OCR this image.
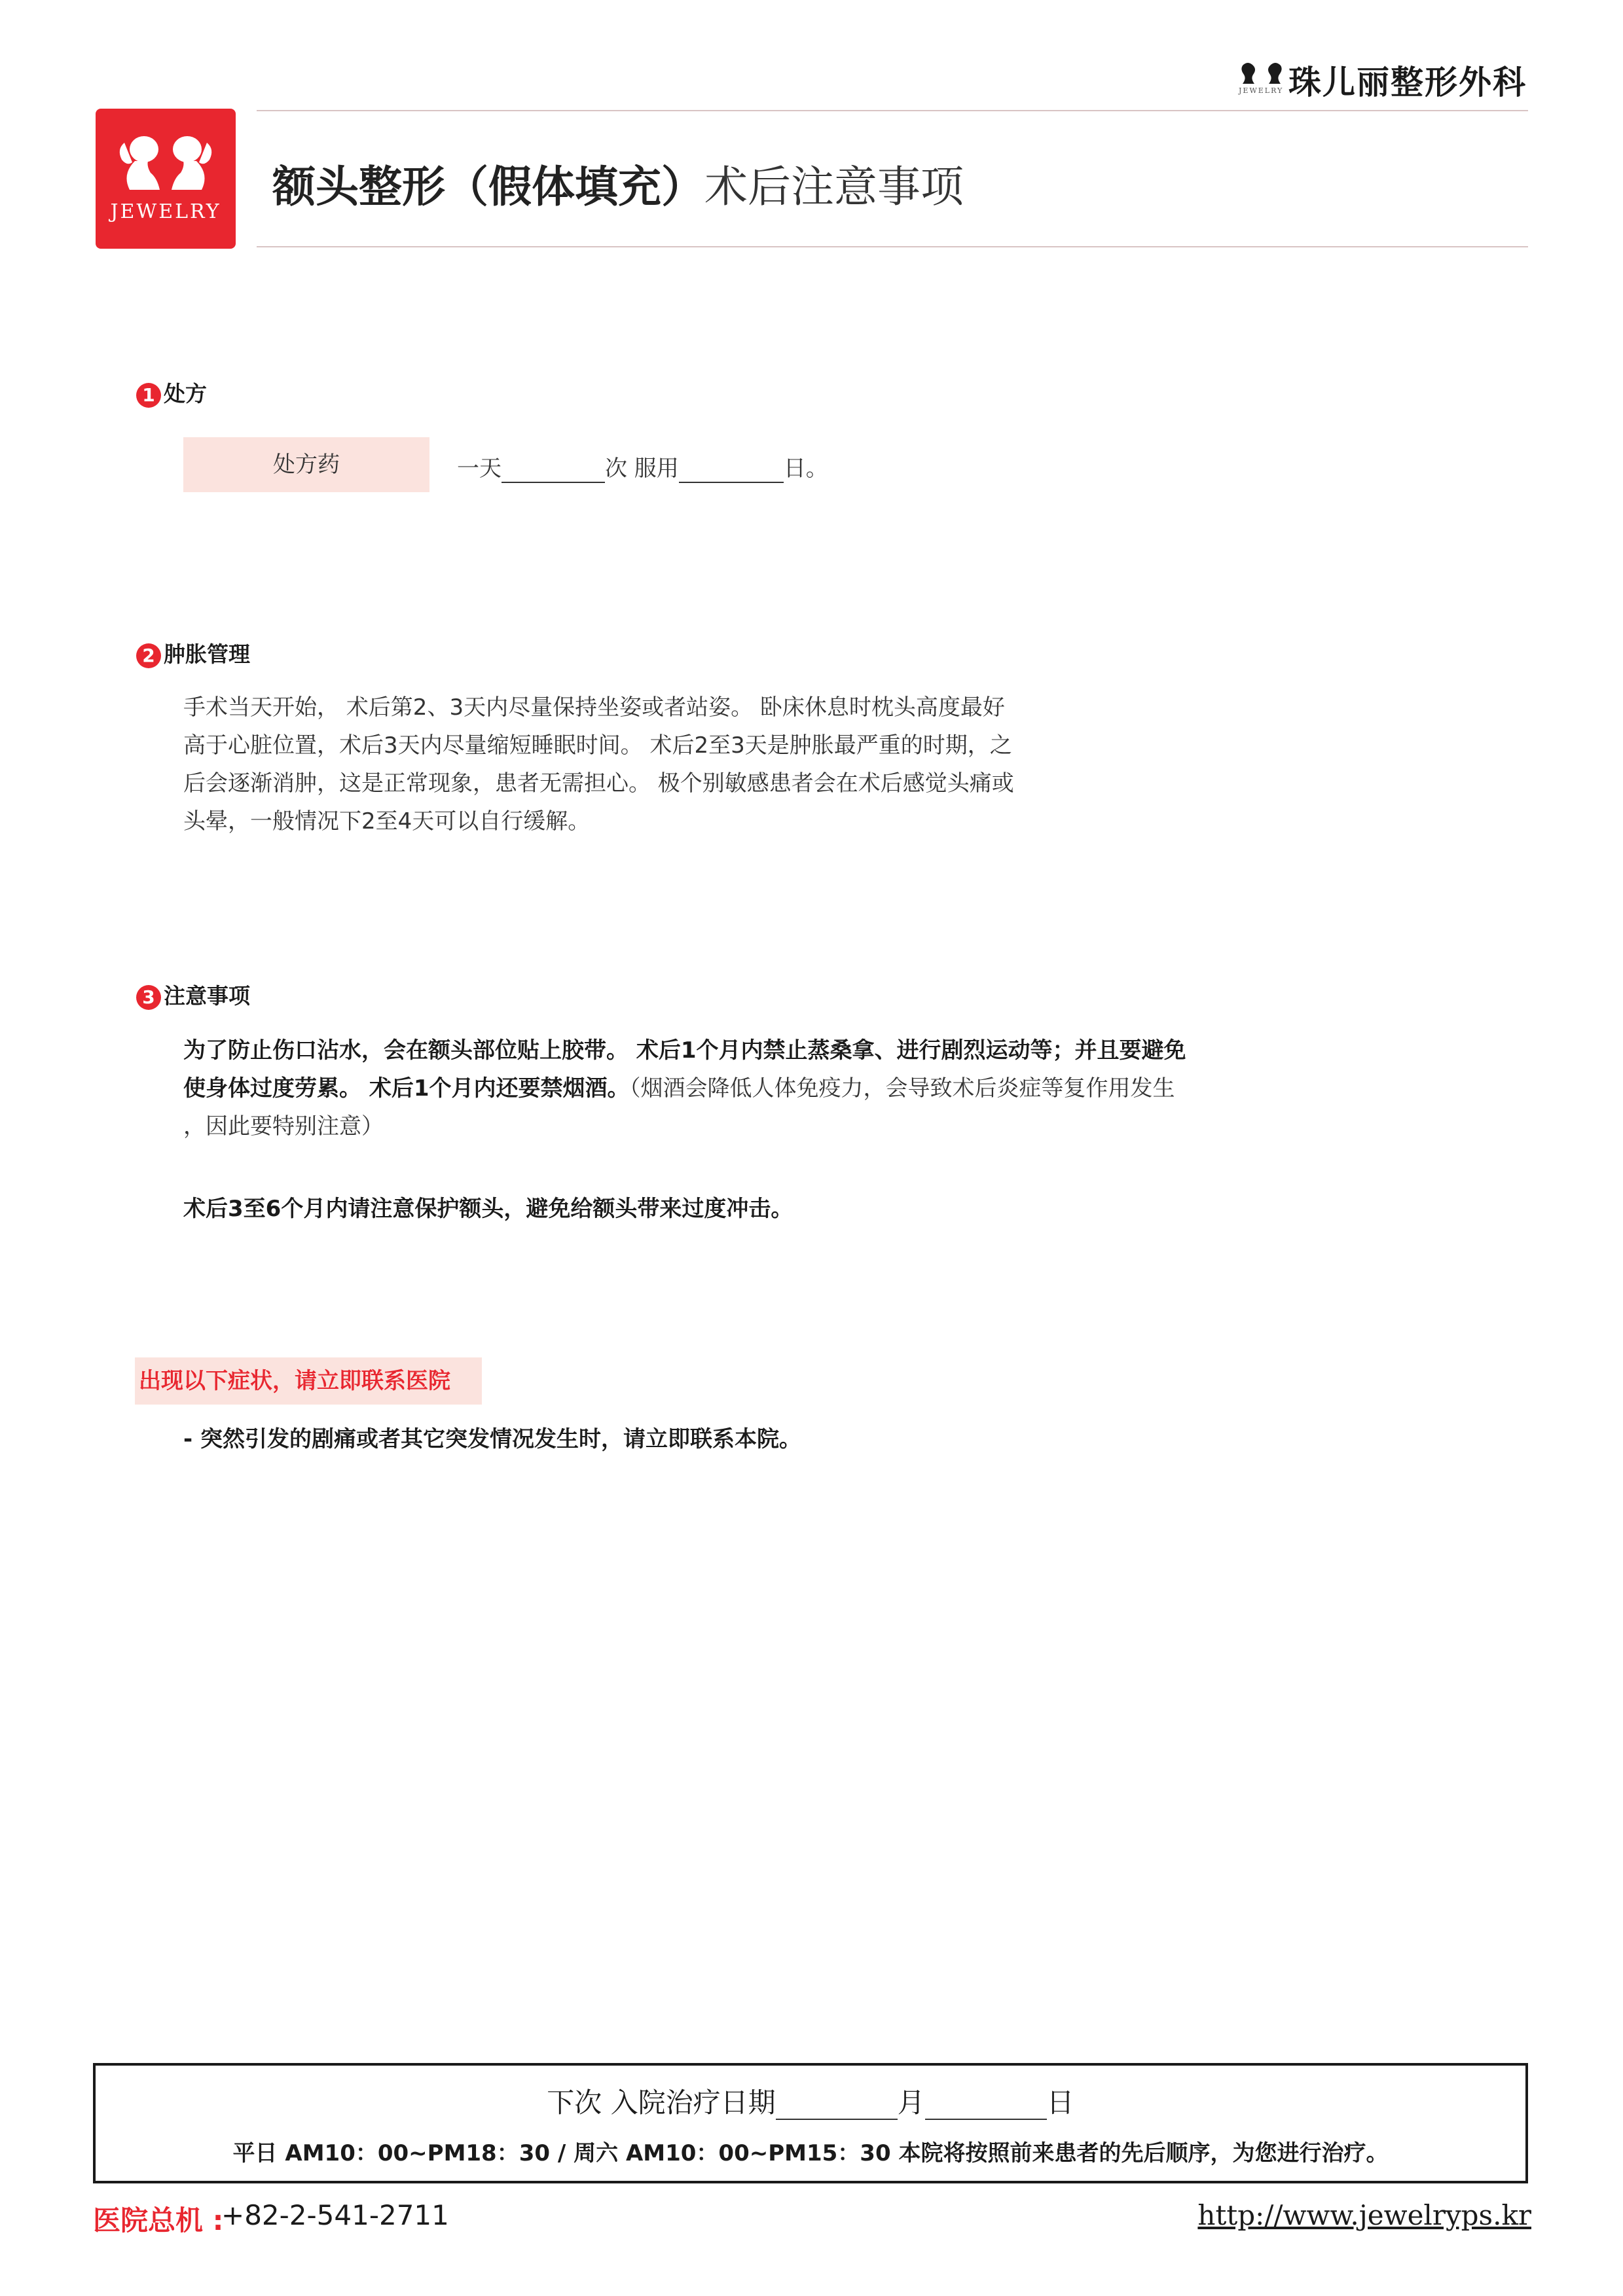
JEWELRY 珠儿丽整形外科
JEWELRY	额头整形（假体填充）术后注意事项
1 处方
处方药	一天	次 服用	日。
2 肿胀管理
手术当天开始， 术后第2、3天内尽量保持坐姿或者站姿。 卧床休息时枕头高度最好
高于心脏位置，术后3天内尽量缩短睡眠时间。 术后2至3天是肿胀最严重的时期，之
后会逐渐消肿，这是正常现象，患者无需担心。 极个别敏感患者会在术后感觉头痛或
头晕，一般情况下2至4天可以自行缓解。
3 注意事项
为了防止伤口沾水，会在额头部位贴上胶带。 术后1个月内禁止蒸桑拿、进行剧烈运动等；并且要避免
使身体过度劳累。 术后1个月内还要禁烟酒。（烟酒会降低人体免疫力，会导致术后炎症等复作用发生
，因此要特别注意）
术后3至6个月内请注意保护额头，避免给额头带来过度冲击。
出现以下症状，请立即联系医院
- 突然引发的剧痛或者其它突发情况发生时，请立即联系本院。
下次 入院治疗日期	月	日
平日 AM10：00~PM18：30 / 周六 AM10：00~PM15：30 本院将按照前来患者的先后顺序，为您进行治疗。
医院总机 :
+82-2-541-2711	http://www.jewelryps.kr
